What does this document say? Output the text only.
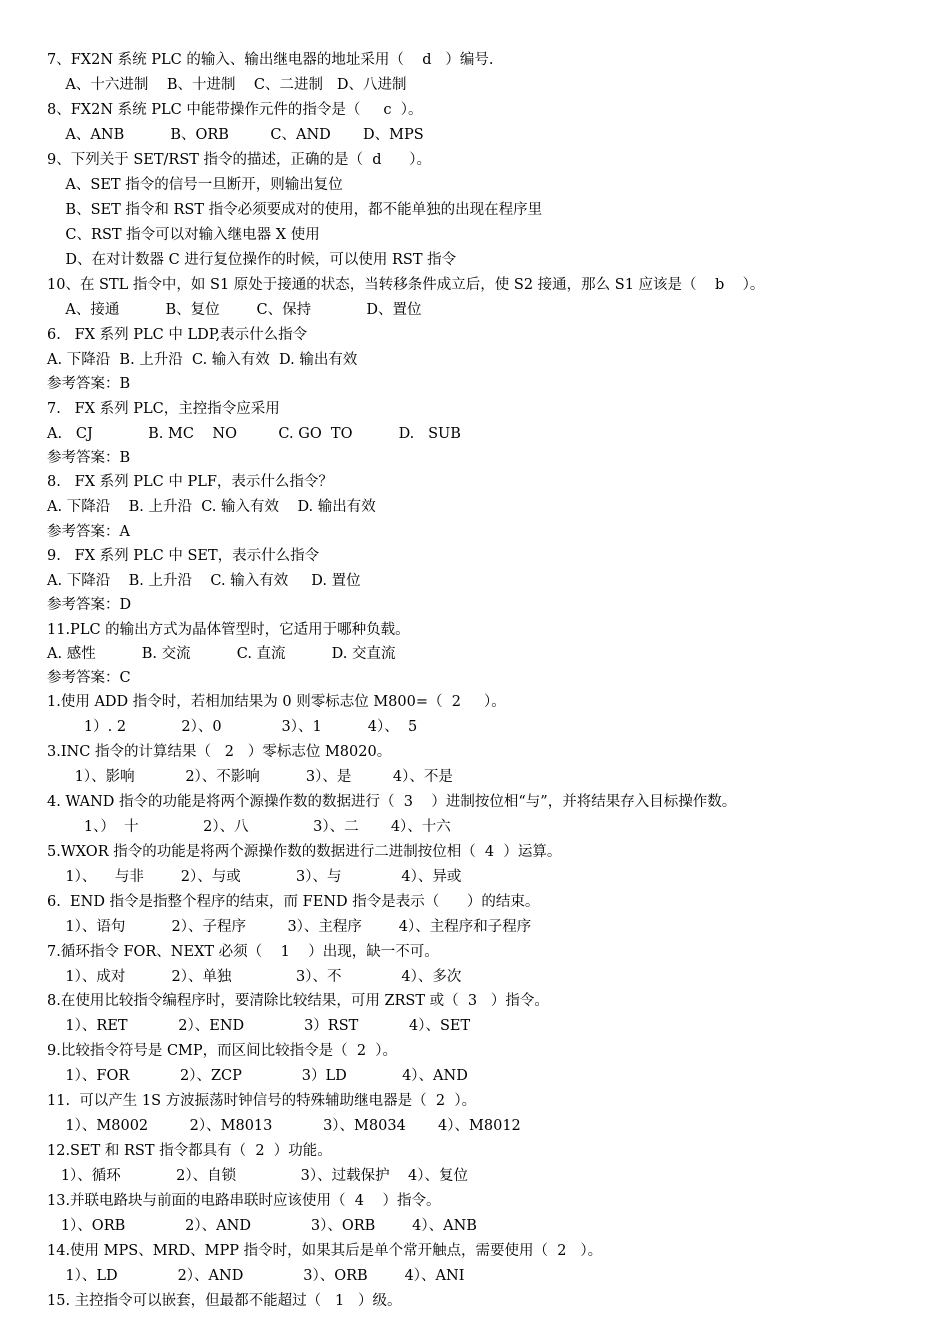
7、FX2N 系统 PLC 的输入、输出继电器的地址采用（    d   ）编号.
A、十六进制    B、十进制    C、二进制   D、八进制
8、FX2N 系统 PLC 中能带操作元件的指令是（     c  ）。
A、ANB          B、ORB         C、AND       D、MPS
9、下列关于 SET/RST 指令的描述，正确的是（  d      ）。
A、SET 指令的信号一旦断开，则输出复位
B、SET 指令和 RST 指令必须要成对的使用，都不能单独的出现在程序里
C、RST 指令可以对输入继电器 X 使用
D、在对计数器 C 进行复位操作的时候，可以使用 RST 指令
10、在 STL 指令中，如 S1 原处于接通的状态，当转移条件成立后，使 S2 接通，那么 S1 应该是（    b    ）。
A、接通          B、复位        C、保持            D、置位
6.   FX 系列 PLC 中 LDP,表示什么指令
A. 下降沿  B. 上升沿  C. 输入有效  D. 输出有效
参考答案：B
7.   FX 系列 PLC，主控指令应采用
A.   CJ            B. MC    NO         C. GO  TO          D.   SUB
参考答案：B
8.   FX 系列 PLC 中 PLF，表示什么指令？
A. 下降沿    B. 上升沿  C. 输入有效    D. 输出有效
参考答案：A
9.   FX 系列 PLC 中 SET，表示什么指令
A. 下降沿    B. 上升沿    C. 输入有效     D. 置位
参考答案：D
11.PLC 的输出方式为晶体管型时，它适用于哪种负载。
A. 感性          B. 交流          C. 直流          D. 交直流
参考答案：C
1.使用 ADD 指令时，若相加结果为 0 则零标志位 M800=（  2     ）。
1）. 2            2）、0             3）、1          4）、  5
3.INC 指令的计算结果（   2   ）零标志位 M8020。
1）、影响           2）、不影响          3）、是         4）、不是
4. WAND 指令的功能是将两个源操作数的数据进行（  3    ）进制按位相“与”，并将结果存入目标操作数。
1、）  十              2）、八              3）、二       4）、十六
5.WXOR 指令的功能是将两个源操作数的数据进行二进制按位相（  4  ）运算。
1）、    与非        2）、与或            3）、与             4）、异或
6.  END 指令是指整个程序的结束，而 FEND 指令是表示（      ）的结束。
1）、语句          2）、子程序         3）、主程序        4）、主程序和子程序
7.循环指令 FOR、NEXT 必须（    1    ）出现，缺一不可。
1）、成对          2）、单独              3）、不             4）、多次
8.在使用比较指令编程序时，要清除比较结果，可用 ZRST 或（  3   ）指令。
1）、RET           2）、END             3）RST           4）、SET
9.比较指令符号是 CMP，而区间比较指令是（  2  ）。
1）、FOR           2）、ZCP             3）LD            4）、AND
11.  可以产生 1S 方波振荡时钟信号的特殊辅助继电器是（  2  ）。
1）、M8002         2）、M8013           3）、M8034       4）、M8012
12.SET 和 RST 指令都具有（  2  ）功能。
1）、循环            2）、自锁              3）、过载保护    4）、复位
13.并联电路块与前面的电路串联时应该使用（  4    ）指令。
1）、ORB             2）、AND             3）、ORB        4）、ANB
14.使用 MPS、MRD、MPP 指令时，如果其后是单个常开触点，需要使用（  2   ）。
1）、LD             2）、AND             3）、ORB        4）、ANI
15. 主控指令可以嵌套，但最都不能超过（   1   ）级。
